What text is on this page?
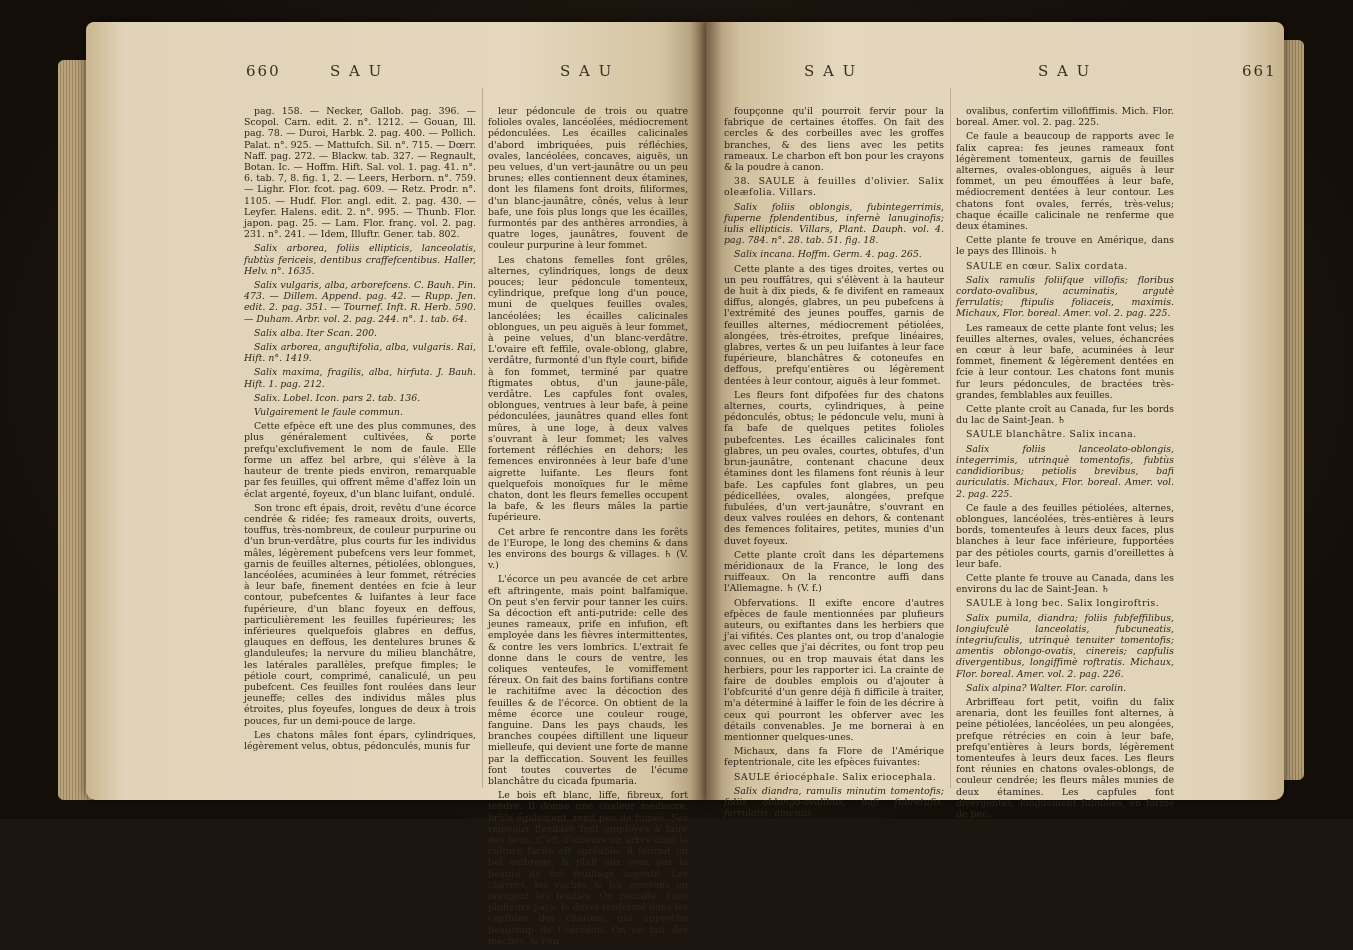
660	S A U	S A U

pag. 158. — Necker, Gallob. pag. 396. — Scopol. Carn. edit. 2. n°. 1212. — Gouan, Ill. pag. 78. — Duroi, Harbk. 2. pag. 400. — Pollich. Palat. n°. 925. — Mattufch. Sil. n°. 715. — Dœrr. Naff. pag. 272. — Blackw. tab. 327. — Regnault, Botan. Ic. — Hoffm. Hift. Sal. vol. 1. pag. 41. n°. 6. tab. 7, 8. fig. 1, 2. — Leers, Herborn. n°. 759. — Lighr. Flor. fcot. pag. 609. — Retz. Prodr. n°. 1105. — Hudf. Flor. angl. edit. 2. pag. 430. — Leyfer. Halens. edit. 2. n°. 995. — Thunb. Flor. japon. pag. 25. — Lam. Flor. franç. vol. 2. pag. 231. n°. 241. — Idem, Illuftr. Gener. tab. 802.

Salix arborea, foliis ellipticis, lanceolatis, fubtùs fericeis, dentibus craffefcentibus. Haller, Helv. n°. 1635.

Salix vulgaris, alba, arborefcens. C. Bauh. Pin. 473. — Dillem. Append. pag. 42. — Rupp. Jen. edit. 2. pag. 351. — Tournef. Inft. R. Herb. 590. — Duham. Arbr. vol. 2. pag. 244. n°. 1. tab. 64.

Salix alba. Iter Scan. 200.

Salix arborea, anguftifolia, alba, vulgaris. Rai, Hift. n°. 1419.

Salix maxima, fragilis, alba, hirfuta. J. Bauh. Hift. 1. pag. 212.

Salix. Lobel. Icon. pars 2. tab. 136.

Vulgairement le faule commun.

Cette efpèce eft une des plus communes, des plus généralement cultivées, & porte prefqu'exclufivement le nom de faule. Elle forme un affez bel arbre, qui s'élève à la hauteur de trente pieds environ, remarquable par fes feuilles, qui offrent même d'affez loin un éclat argenté, foyeux, d'un blanc luifant, ondulé.

Son tronc eft épais, droit, revêtu d'une écorce cendrée & ridée; fes rameaux droits, ouverts, touffus, très-nombreux, de couleur purpurine ou d'un brun-verdâtre, plus courts fur les individus mâles, légèrement pubefcens vers leur fommet, garnis de feuilles alternes, pétiolées, oblongues, lancéolées, acuminées à leur fommet, rétrécies à leur bafe, finement dentées en fcie à leur contour, pubefcentes & luifantes à leur face fupérieure, d'un blanc foyeux en deffous, particulièrement les feuilles fupérieures; les inférieures quelquefois glabres en deffus, glauques en deffous, les dentelures brunes & glanduleufes; la nervure du milieu blanchâtre, les latérales parallèles, prefque fimples; le pétiole court, comprimé, canaliculé, un peu pubefcent. Ces feuilles font roulées dans leur jeuneffe; celles des individus mâles plus étroites, plus foyeufes, longues de deux à trois pouces, fur un demi-pouce de large.

Les chatons mâles font épars, cylindriques, légèrement velus, obtus, pédonculés, munis fur

leur pédoncule de trois ou quatre folioles ovales, lancéolées, médiocrement pédonculées. Les écailles calicinales d'abord imbriquées, puis réfléchies, ovales, lancéolées, concaves, aiguës, un peu velues, d'un vert-jaunâtre ou un peu brunes; elles contiennent deux étamines, dont les filamens font droits, filiformes, d'un blanc-jaunâtre, cônés, velus à leur bafe, une fois plus longs que les écailles, furmontés par des anthères arrondies, à quatre loges, jaunâtres, fouvent de couleur purpurine à leur fommet.

Les chatons femelles font grêles, alternes, cylindriques, longs de deux pouces; leur pédoncule tomenteux, cylindrique, prefque long d'un pouce, muni de quelques feuilles ovales, lancéolées; les écailles calicinales oblongues, un peu aiguës à leur fommet, à peine velues, d'un blanc-verdâtre. L'ovaire eft feffile, ovale-oblong, glabre, verdâtre, furmonté d'un ftyle court, bifide à fon fommet, terminé par quatre ftigmates obtus, d'un jaune-pâle, verdâtre. Les capfules font ovales, oblongues, ventrues à leur bafe, à peine pédonculées, jaunâtres quand elles font mûres, à une loge, à deux valves s'ouvrant à leur fommet; les valves fortement réfléchies en dehors; les femences environnées à leur bafe d'une aigrette luifante. Les fleurs font quelquefois monoïques fur le même chaton, dont les fleurs femelles occupent la bafe, & les fleurs mâles la partie fupérieure.

Cet arbre fe rencontre dans les forêts de l'Europe, le long des chemins & dans les environs des bourgs & villages. ♄ (V. v.)

L'écorce un peu avancée de cet arbre eft aftringente, mais point balfamique. On peut s'en fervir pour tanner les cuirs. Sa décoction eft anti-putride: celle des jeunes rameaux, prife en infufion, eft employée dans les fièvres intermittentes, & contre les vers lombrics. L'extrait fe donne dans le cours de ventre, les coliques venteufes, le vomiffement féreux. On fait des bains fortifians contre le rachitifme avec la décoction des feuilles & de l'écorce. On obtient de la même écorce une couleur rouge, fanguine. Dans les pays chauds, les branches coupées diftillent une liqueur mielleufe, qui devient une forte de manne par la defficcation. Souvent les feuilles font toutes couvertes de l'écume blanchâtre du cicada fpumaria.

Le bois eft blanc, liffe, fibreux, fort tendre. Il donne une chaleur médiocre, brûle également, rend peu de fumée. Ses rameaux flexibles font employés à faire des liens. C'eft d'ailleurs un arbre dont la culture facile eft agréable; il fournit un bel ombrage, & plaît aux yeux par la beauté de fon feuillage argenté. Les chèvres, les vaches & les moutons en mangent les feuilles. On ramaffe, dans plufieurs pays, le duvet renfermé dans les capfules des chatons, qui approche beaucoup de l'édredon. On en fait des mèches, & l'on

S A U	S A U	661

foupçonne qu'il pourroit fervir pour la fabrique de certaines étoffes. On fait des cercles & des corbeilles avec les groffes branches, & des liens avec les petits rameaux. Le charbon eft bon pour les crayons & la poudre à canon.

38. SAULE à feuilles d'olivier. Salix oleæfolia. Villars.

Salix foliis oblongis, fubintegerrimis, fuperne fplendentibus, infernè lanuginofis; iulis ellipticis. Villars, Plant. Dauph. vol. 4. pag. 784. n°. 28. tab. 51. fig. 18.

Salix incana. Hoffm. Germ. 4. pag. 265.

Cette plante a des tiges droites, vertes ou un peu rouffâtres, qui s'élèvent à la hauteur de huit à dix pieds, & fe divifent en rameaux diffus, alongés, glabres, un peu pubefcens à l'extrémité des jeunes pouffes, garnis de feuilles alternes, médiocrement pétiolées, alongées, très-étroites, prefque linéaires, glabres, vertes & un peu luifantes à leur face fupérieure, blanchâtres & cotoneufes en deffous, prefqu'entières ou légèrement dentées à leur contour, aiguës à leur fommet.

Les fleurs font difpofées fur des chatons alternes, courts, cylindriques, à peine pédonculés, obtus; le pédoncule velu, muni à fa bafe de quelques petites folioles pubefcentes. Les écailles calicinales font glabres, un peu ovales, courtes, obtufes, d'un brun-jaunâtre, contenant chacune deux étamines dont les filamens font réunis à leur bafe. Les capfules font glabres, un peu pédicellées, ovales, alongées, prefque fubulées, d'un vert-jaunâtre, s'ouvrant en deux valves roulées en dehors, & contenant des femences folitaires, petites, munies d'un duvet foyeux.

Cette plante croît dans les départemens méridionaux de la France, le long des ruiffeaux. On la rencontre auffi dans l'Allemagne. ♄ (V. f.)

Obfervations. Il exifte encore d'autres efpèces de faule mentionnées par plufieurs auteurs, ou exiftantes dans les herbiers que j'ai vifités. Ces plantes ont, ou trop d'analogie avec celles que j'ai décrites, ou font trop peu connues, ou en trop mauvais état dans les herbiers, pour les rapporter ici. La crainte de faire de doubles emplois ou d'ajouter à l'obfcurité d'un genre déjà fi difficile à traiter, m'a déterminé à laiffer le foin de les décrire à ceux qui pourront les obferver avec les détails convenables. Je me bornerai à en mentionner quelques-unes.

Michaux, dans fa Flore de l'Amérique feptentrionale, cite les efpèces fuivantes:

SAULE ériocéphale. Salix eriocephala.

Salix diandra, ramulis minutim tomentofis; foliis oblongo-ovalibus, bafi fubretufis, ferrulatis; amentis

ovalibus, confertim villofiffimis. Mich. Flor. boreal. Amer. vol. 2. pag. 225.

Ce faule a beaucoup de rapports avec le falix caprea: fes jeunes rameaux font légèrement tomenteux, garnis de feuilles alternes, ovales-oblongues, aiguës à leur fommet, un peu émouffées à leur bafe, médiocrement dentées à leur contour. Les chatons font ovales, ferrés, très-velus; chaque écaille calicinale ne renferme que deux étamines.

Cette plante fe trouve en Amérique, dans le pays des Illinois. ♄

SAULE en cœur. Salix cordata.

Salix ramulis foliifque villofis; floribus cordato-ovalibus, acuminatis, argutè ferrulatis; ftipulis foliaceis, maximis. Michaux, Flor. boreal. Amer. vol. 2. pag. 225.

Les rameaux de cette plante font velus; les feuilles alternes, ovales, velues, échancrées en cœur à leur bafe, acuminées à leur fommet, finement & légèrement dentées en fcie à leur contour. Les chatons font munis fur leurs pédoncules, de bractées très-grandes, femblables aux feuilles.

Cette plante croît au Canada, fur les bords du lac de Saint-Jean. ♄

SAULE blanchâtre. Salix incana.

Salix foliis lanceolato-oblongis, integerrimis, utrinquè tomentofis, fubtùs candidioribus; petiolis brevibus, bafi auriculatis. Michaux, Flor. boreal. Amer. vol. 2. pag. 225.

Ce faule a des feuilles pétiolées, alternes, oblongues, lancéolées, très-entières à leurs bords, tomenteufes à leurs deux faces, plus blanches à leur face inférieure, fupportées par des pétioles courts, garnis d'oreillettes à leur bafe.

Cette plante fe trouve au Canada, dans les environs du lac de Saint-Jean. ♄

SAULE à long bec. Salix longiroftris.

Salix pumila, diandra; foliis fubfeffilibus, longiufculè lanceolatis, fubcuneatis, integriufculis, utrinquè tenuiter tomentofis; amentis oblongo-ovatis, cinereis; capfulis divergentibus, longiffimè roftratis. Michaux, Flor. boreal. Amer. vol. 2. pag. 226.

Salix alpina? Walter. Flor. carolin.

Arbriffeau fort petit, voifin du falix arenaria, dont les feuilles font alternes, à peine pétiolées, lancéolées, un peu alongées, prefque rétrécies en coin à leur bafe, prefqu'entières à leurs bords, légèrement tomenteufes à leurs deux faces. Les fleurs font réunies en chatons ovales-oblongs, de couleur cendrée; les fleurs mâles munies de deux étamines. Les capfules font divergentes, longuement fubulées, en forme de bec.
